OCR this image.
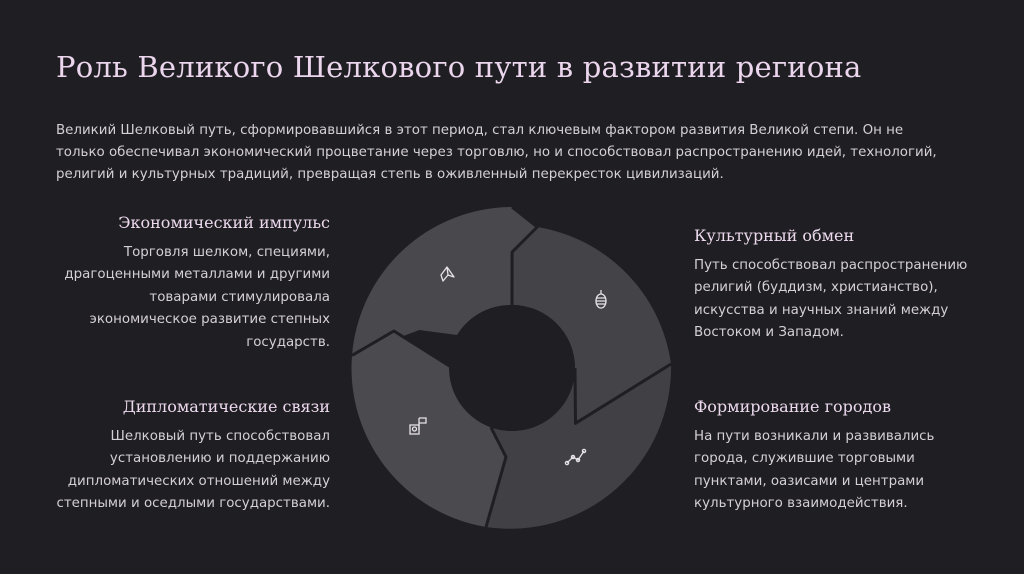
Роль Великого Шелкового пути в развитии региона
Великий Шелковый путь, сформировавшийся в этот период, стал ключевым фактором развития Великой степи. Он не только обеспечивал экономический процветание через торговлю, но и способствовал распространению идей, технологий, религий и культурных традиций, превращая степь в оживленный перекресток цивилизаций.
Экономический импульс

Торговля шелком, специями, драгоценными металлами и другими товарами стимулировала экономическое развитие степных государств.

Дипломатические связи

Шелковый путь способствовал установлению и поддержанию дипломатических отношений между степными и оседлыми государствами.

Культурный обмен

Путь способствовал распространению религий (буддизм, христианство), искусства и научных знаний между Востоком и Западом.

Формирование городов

На пути возникали и развивались города, служившие торговыми пунктами, оазисами и центрами культурного взаимодействия.
